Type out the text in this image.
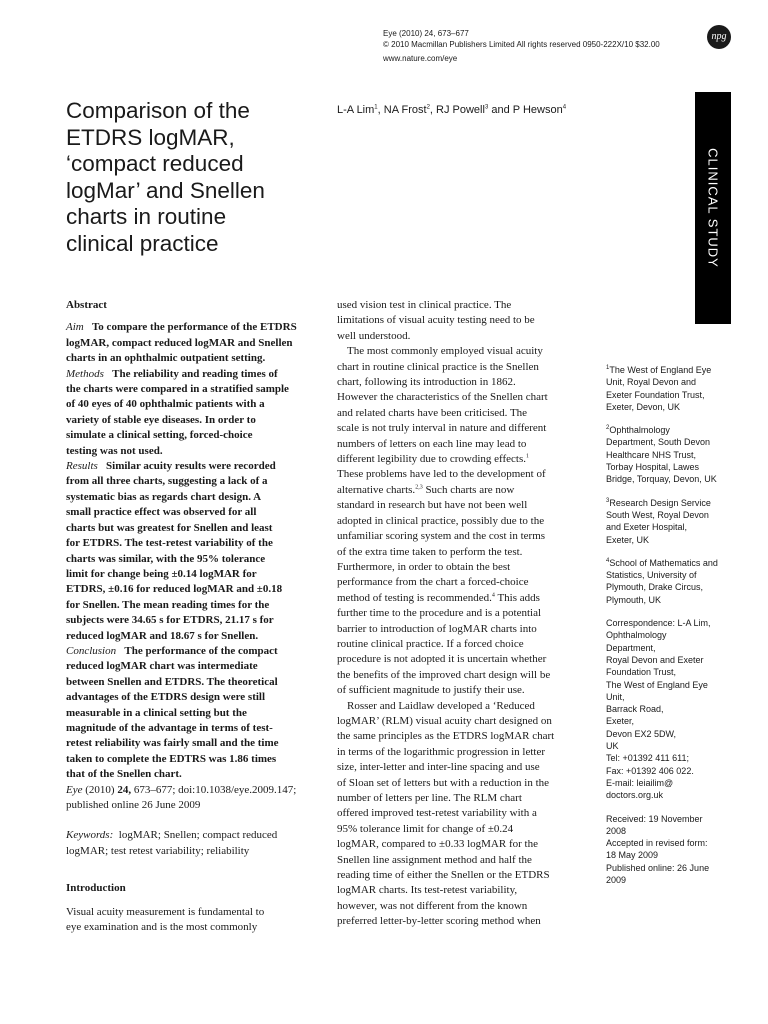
Eye (2010) 24, 673–677
© 2010 Macmillan Publishers Limited All rights reserved 0950-222X/10 $32.00
www.nature.com/eye
npg
Comparison of the
ETDRS logMAR,
‘compact reduced
logMar’ and Snellen
charts in routine
clinical practice
L-A Lim$^1$, NA Frost$^2$, RJ Powell$^3$ and P Hewson$^4$
CLINICAL STUDY
Abstract
Aim To compare the performance of the ETDRS
logMAR, compact reduced logMAR and Snellen
charts in an ophthalmic outpatient setting.
Methods The reliability and reading times of
the charts were compared in a stratified sample
of 40 eyes of 40 ophthalmic patients with a
variety of stable eye diseases. In order to
simulate a clinical setting, forced-choice
testing was not used.
Results Similar acuity results were recorded
from all three charts, suggesting a lack of a
systematic bias as regards chart design. A
small practice effect was observed for all
charts but was greatest for Snellen and least
for ETDRS. The test-retest variability of the
charts was similar, with the 95% tolerance
limit for change being ±0.14 logMAR for
ETDRS, ±0.16 for reduced logMAR and ±0.18
for Snellen. The mean reading times for the
subjects were 34.65 s for ETDRS, 21.17 s for
reduced logMAR and 18.67 s for Snellen.
Conclusion The performance of the compact
reduced logMAR chart was intermediate
between Snellen and ETDRS. The theoretical
advantages of the ETDRS design were still
measurable in a clinical setting but the
magnitude of the advantage in terms of test-
retest reliability was fairly small and the time
taken to complete the EDTRS was 1.86 times
that of the Snellen chart.
Eye (2010) 24, 673–677; doi:10.1038/eye.2009.147;
published online 26 June 2009
Keywords: logMAR; Snellen; compact reduced
logMAR; test retest variability; reliability
Introduction
Visual acuity measurement is fundamental to
eye examination and is the most commonly
used vision test in clinical practice. The
limitations of visual acuity testing need to be
well understood.
The most commonly employed visual acuity
chart in routine clinical practice is the Snellen
chart, following its introduction in 1862.
However the characteristics of the Snellen chart
and related charts have been criticised. The
scale is not truly interval in nature and different
numbers of letters on each line may lead to
different legibility due to crowding effects.$^1$
These problems have led to the development of
alternative charts.$^{2,3}$ Such charts are now
standard in research but have not been well
adopted in clinical practice, possibly due to the
unfamiliar scoring system and the cost in terms
of the extra time taken to perform the test.
Furthermore, in order to obtain the best
performance from the chart a forced-choice
method of testing is recommended.$^4$ This adds
further time to the procedure and is a potential
barrier to introduction of logMAR charts into
routine clinical practice. If a forced choice
procedure is not adopted it is uncertain whether
the benefits of the improved chart design will be
of sufficient magnitude to justify their use.
Rosser and Laidlaw developed a ‘Reduced
logMAR’ (RLM) visual acuity chart designed on
the same principles as the ETDRS logMAR chart
in terms of the logarithmic progression in letter
size, inter-letter and inter-line spacing and use
of Sloan set of letters but with a reduction in the
number of letters per line. The RLM chart
offered improved test-retest variability with a
95% tolerance limit for change of ±0.24
logMAR, compared to ±0.33 logMAR for the
Snellen line assignment method and half the
reading time of either the Snellen or the ETDRS
logMAR charts. Its test-retest variability,
however, was not different from the known
preferred letter-by-letter scoring method when
$^1$The West of England Eye
Unit, Royal Devon and
Exeter Foundation Trust,
Exeter, Devon, UK
$^2$Ophthalmology
Department, South Devon
Healthcare NHS Trust,
Torbay Hospital, Lawes
Bridge, Torquay, Devon, UK
$^3$Research Design Service
South West, Royal Devon
and Exeter Hospital,
Exeter, UK
$^4$School of Mathematics and
Statistics, University of
Plymouth, Drake Circus,
Plymouth, UK
Correspondence: L-A Lim,
Ophthalmology
Department,
Royal Devon and Exeter
Foundation Trust,
The West of England Eye
Unit,
Barrack Road,
Exeter,
Devon EX2 5DW,
UK
Tel: +01392 411 611;
Fax: +01392 406 022.
E-mail: leiailim@
doctors.org.uk
Received: 19 November
2008
Accepted in revised form:
18 May 2009
Published online: 26 June
2009
